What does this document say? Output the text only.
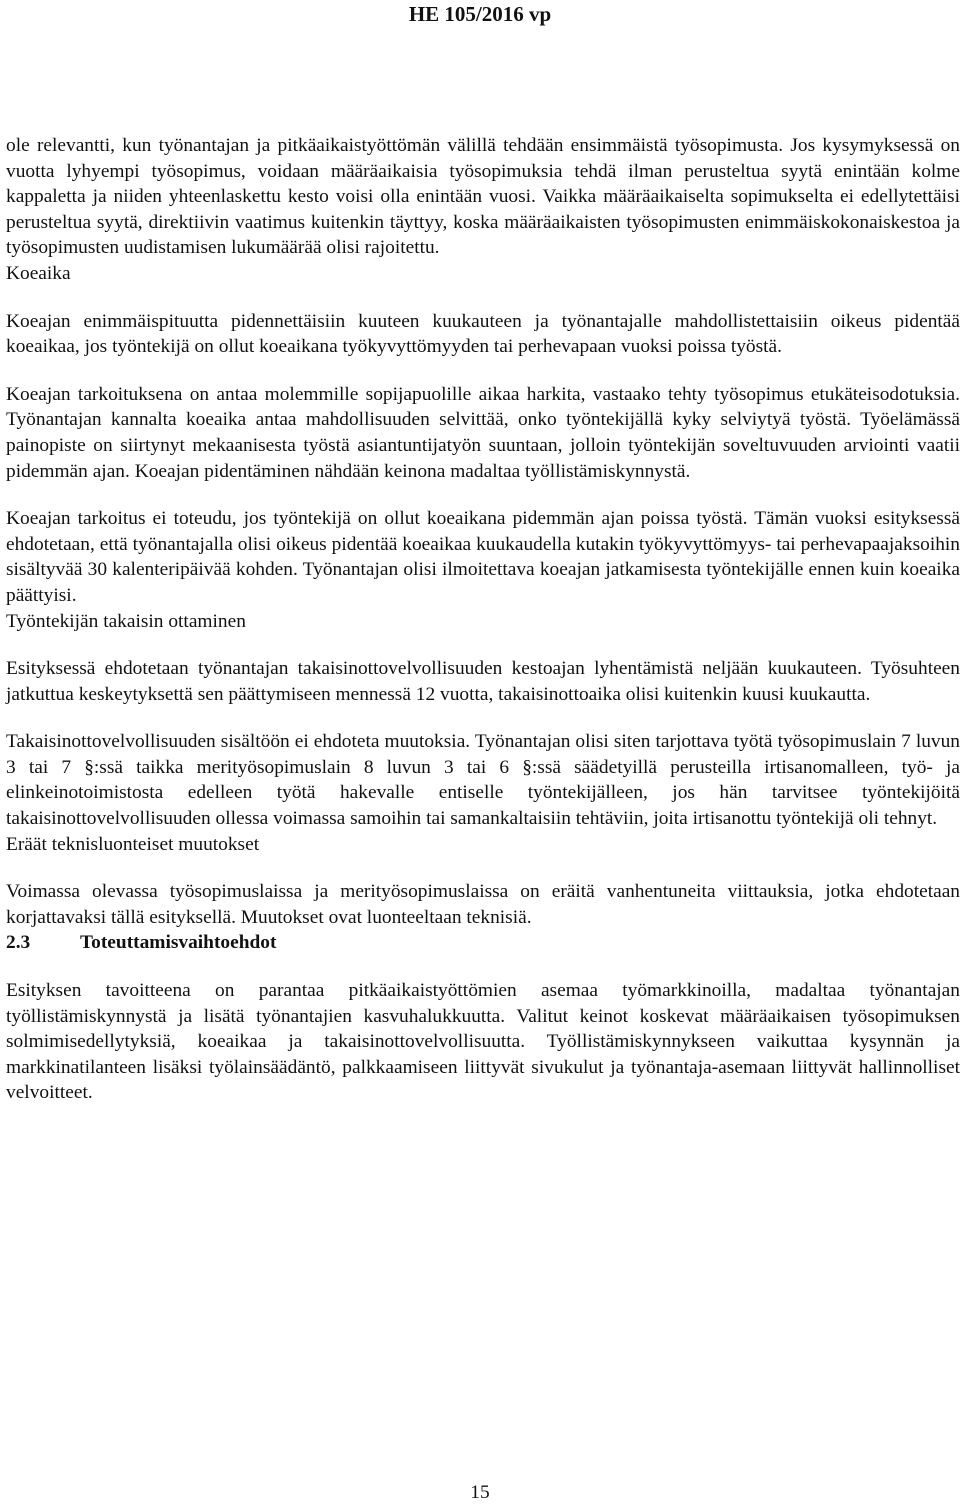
HE 105/2016 vp

ole relevantti, kun työnantajan ja pitkäaikaistyöttömän välillä tehdään ensimmäistä työsopimusta. Jos kysymyksessä on vuotta lyhyempi työsopimus, voidaan määräaikaisia työsopimuksia tehdä ilman perusteltua syytä enintään kolme kappaletta ja niiden yhteenlaskettu kesto voisi olla enintään vuosi. Vaikka määräaikaiselta sopimukselta ei edellytettäisi perusteltua syytä, direktiivin vaatimus kuitenkin täyttyy, koska määräaikaisten työsopimusten enimmäiskokonaiskestoa ja työsopimusten uudistamisen lukumäärää olisi rajoitettu.

Koeaika

Koeajan enimmäispituutta pidennettäisiin kuuteen kuukauteen ja työnantajalle mahdollistettaisiin oikeus pidentää koeaikaa, jos työntekijä on ollut koeaikana työkyvyttömyyden tai perhevapaan vuoksi poissa työstä.

Koeajan tarkoituksena on antaa molemmille sopijapuolille aikaa harkita, vastaako tehty työsopimus etukäteisodotuksia. Työnantajan kannalta koeaika antaa mahdollisuuden selvittää, onko työntekijällä kyky selviytyä työstä. Työelämässä painopiste on siirtynyt mekaanisesta työstä asiantuntijatyön suuntaan, jolloin työntekijän soveltuvuuden arviointi vaatii pidemmän ajan. Koeajan pidentäminen nähdään keinona madaltaa työllistämiskynnystä.

Koeajan tarkoitus ei toteudu, jos työntekijä on ollut koeaikana pidemmän ajan poissa työstä. Tämän vuoksi esityksessä ehdotetaan, että työnantajalla olisi oikeus pidentää koeaikaa kuukaudella kutakin työkyvyttömyys- tai perhevapaajaksoihin sisältyvää 30 kalenteripäivää kohden. Työnantajan olisi ilmoitettava koeajan jatkamisesta työntekijälle ennen kuin koeaika päättyisi.

Työntekijän takaisin ottaminen

Esityksessä ehdotetaan työnantajan takaisinottovelvollisuuden kestoajan lyhentämistä neljään kuukauteen. Työsuhteen jatkuttua keskeytyksettä sen päättymiseen mennessä 12 vuotta, takaisinottoaika olisi kuitenkin kuusi kuukautta.

Takaisinottovelvollisuuden sisältöön ei ehdoteta muutoksia. Työnantajan olisi siten tarjottava työtä työsopimuslain 7 luvun 3 tai 7 §:ssä taikka merityösopimuslain 8 luvun 3 tai 6 §:ssä säädetyillä perusteilla irtisanomalleen, työ- ja elinkeinotoimistosta edelleen työtä hakevalle entiselle työntekijälleen, jos hän tarvitsee työntekijöitä takaisinottovelvollisuuden ollessa voimassa samoihin tai samankaltaisiin tehtäviin, joita irtisanottu työntekijä oli tehnyt.

Eräät teknisluonteiset muutokset

Voimassa olevassa työsopimuslaissa ja merityösopimuslaissa on eräitä vanhentuneita viittauksia, jotka ehdotetaan korjattavaksi tällä esityksellä. Muutokset ovat luonteeltaan teknisiä.

2.3	Toteuttamisvaihtoehdot

Esityksen tavoitteena on parantaa pitkäaikaistyöttömien asemaa työmarkkinoilla, madaltaa työnantajan työllistämiskynnystä ja lisätä työnantajien kasvuhalukkuutta. Valitut keinot koskevat määräaikaisen työsopimuksen solmimisedellytyksiä, koeaikaa ja takaisinottovelvollisuutta. Työllistämiskynnykseen vaikuttaa kysynnän ja markkinatilanteen lisäksi työlainsäädäntö, palkkaamiseen liittyvät sivukulut ja työnantaja-asemaan liittyvät hallinnolliset velvoitteet.

15
